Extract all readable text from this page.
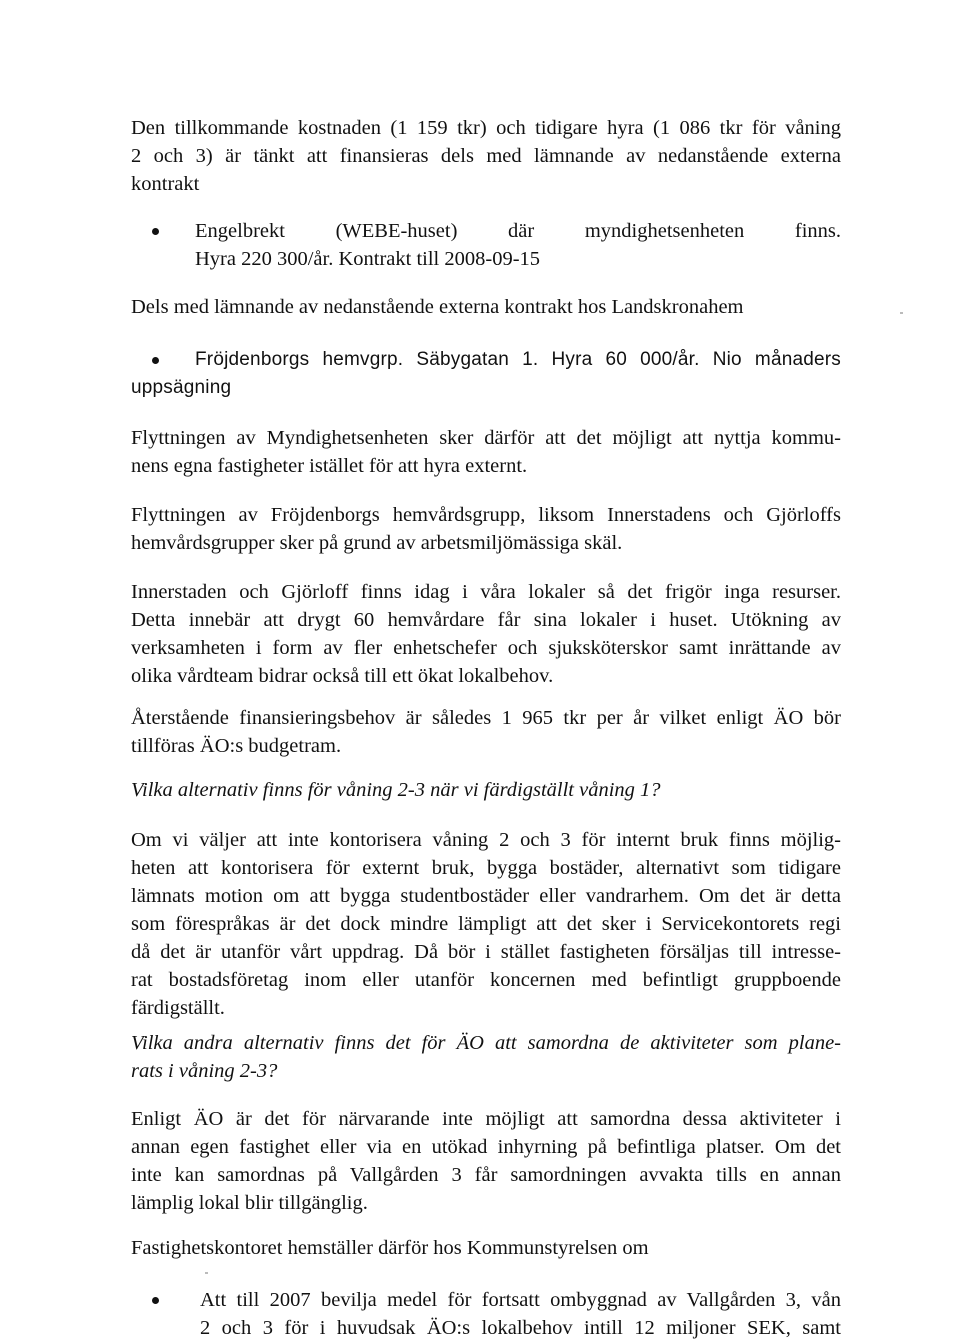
Den tillkommande kostnaden (1 159 tkr) och tidigare hyra (1 086 tkr för våning
2 och 3) är tänkt att finansieras dels med lämnande av nedanstående externa
kontrakt
Engelbrekt (WEBE-huset) där myndighetsenheten finns.
Hyra 220 300/år. Kontrakt till 2008-09-15
Dels med lämnande av nedanstående externa kontrakt hos Landskronahem
Fröjdenborgs hemvgrp. Säbygatan 1. Hyra 60 000/år. Nio månaders
uppsägning
Flyttningen av Myndighetsenheten sker därför att det möjligt att nyttja kommu-
nens egna fastigheter istället för att hyra externt.
Flyttningen av Fröjdenborgs hemvårdsgrupp, liksom Innerstadens och Gjörloffs
hemvårdsgrupper sker på grund av arbetsmiljömässiga skäl.
Innerstaden och Gjörloff finns idag i våra lokaler så det frigör inga resurser.
Detta innebär att drygt 60 hemvårdare får sina lokaler i huset. Utökning av
verksamheten i form av fler enhetschefer och sjuksköterskor samt inrättande av
olika vårdteam bidrar också till ett ökat lokalbehov.
Återstående finansieringsbehov är således 1 965 tkr per år vilket enligt ÄO bör
tillföras ÄO:s budgetram.
Vilka alternativ finns för våning 2-3 när vi färdigställt våning 1?
Om vi väljer att inte kontorisera våning 2 och 3 för internt bruk finns möjlig-
heten att kontorisera för externt bruk, bygga bostäder, alternativt som tidigare
lämnats motion om att bygga studentbostäder eller vandrarhem. Om det är detta
som förespråkas är det dock mindre lämpligt att det sker i Servicekontorets regi
då det är utanför vårt uppdrag. Då bör i stället fastigheten försäljas till intresse-
rat bostadsföretag inom eller utanför koncernen med befintligt gruppboende
färdigställt.
Vilka andra alternativ finns det för ÄO att samordna de aktiviteter som plane-
rats i våning 2-3?
Enligt ÄO är det för närvarande inte möjligt att samordna dessa aktiviteter i
annan egen fastighet eller via en utökad inhyrning på befintliga platser. Om det
inte kan samordnas på Vallgården 3 får samordningen avvakta tills en annan
lämplig lokal blir tillgänglig.
Fastighetskontoret hemställer därför hos Kommunstyrelsen om
Att till 2007 bevilja medel för fortsatt ombyggnad av Vallgården 3, vån
2 och 3 för i huvudsak ÄO:s lokalbehov intill 12 miljoner SEK, samt
